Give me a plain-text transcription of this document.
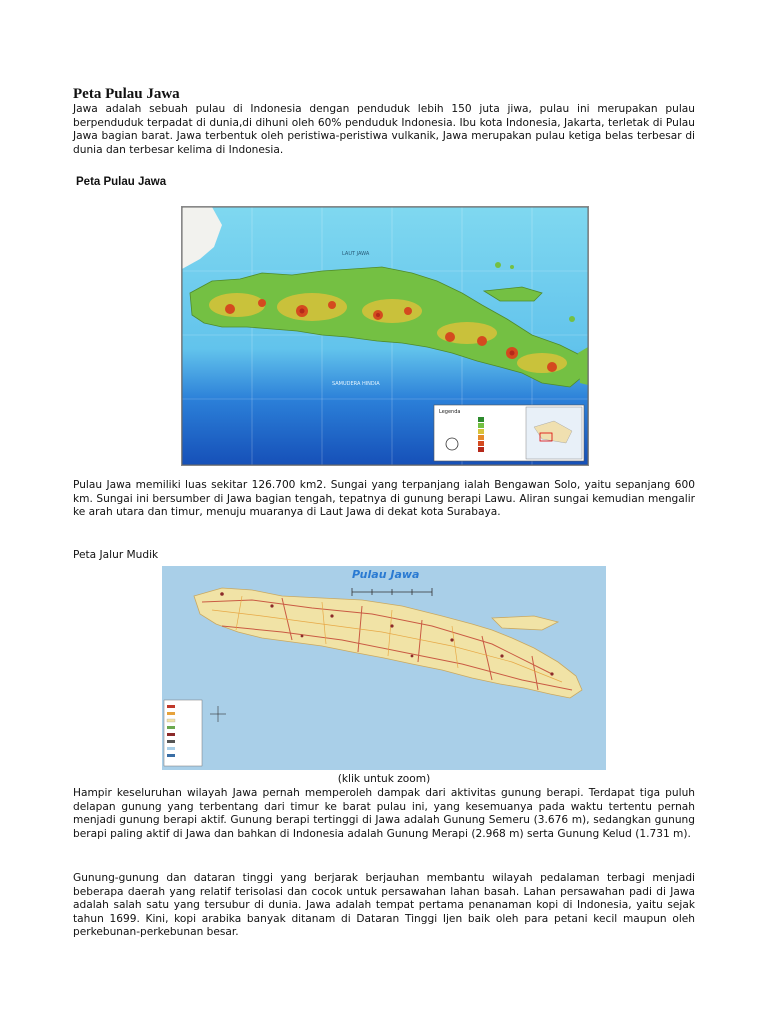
Peta Pulau Jawa

Jawa adalah sebuah pulau di Indonesia dengan penduduk lebih 150 juta jiwa, pulau ini merupakan pulau berpenduduk terpadat di dunia,di dihuni oleh 60% penduduk Indonesia. Ibu kota Indonesia, Jakarta, terletak di Pulau Jawa bagian barat. Jawa terbentuk oleh peristiwa-peristiwa vulkanik, Jawa merupakan pulau ketiga belas terbesar di dunia dan terbesar kelima di Indonesia.

Peta Pulau Jawa

LAUT JAWA
SAMUDERA HINDIA
Legenda

Pulau Jawa memiliki luas sekitar 126.700 km2. Sungai yang terpanjang ialah Bengawan Solo, yaitu sepanjang 600 km. Sungai ini bersumber di Jawa bagian tengah, tepatnya di gunung berapi Lawu. Aliran sungai kemudian mengalir ke arah utara dan timur, menuju muaranya di Laut Jawa di dekat kota Surabaya.

Peta Jalur Mudik

Pulau Jawa

(klik untuk zoom)

Hampir keseluruhan wilayah Jawa pernah memperoleh dampak dari aktivitas gunung berapi. Terdapat tiga puluh delapan gunung yang terbentang dari timur ke barat pulau ini, yang kesemuanya pada waktu tertentu pernah menjadi gunung berapi aktif. Gunung berapi tertinggi di Jawa adalah Gunung Semeru (3.676 m), sedangkan gunung berapi paling aktif di Jawa dan bahkan di Indonesia adalah Gunung Merapi (2.968 m) serta Gunung Kelud (1.731 m).

Gunung-gunung dan dataran tinggi yang berjarak berjauhan membantu wilayah pedalaman terbagi menjadi beberapa daerah yang relatif terisolasi dan cocok untuk persawahan lahan basah. Lahan persawahan padi di Jawa adalah salah satu yang tersubur di dunia. Jawa adalah tempat pertama penanaman kopi di Indonesia, yaitu sejak tahun 1699. Kini, kopi arabika banyak ditanam di Dataran Tinggi Ijen baik oleh para petani kecil maupun oleh perkebunan-perkebunan besar.
